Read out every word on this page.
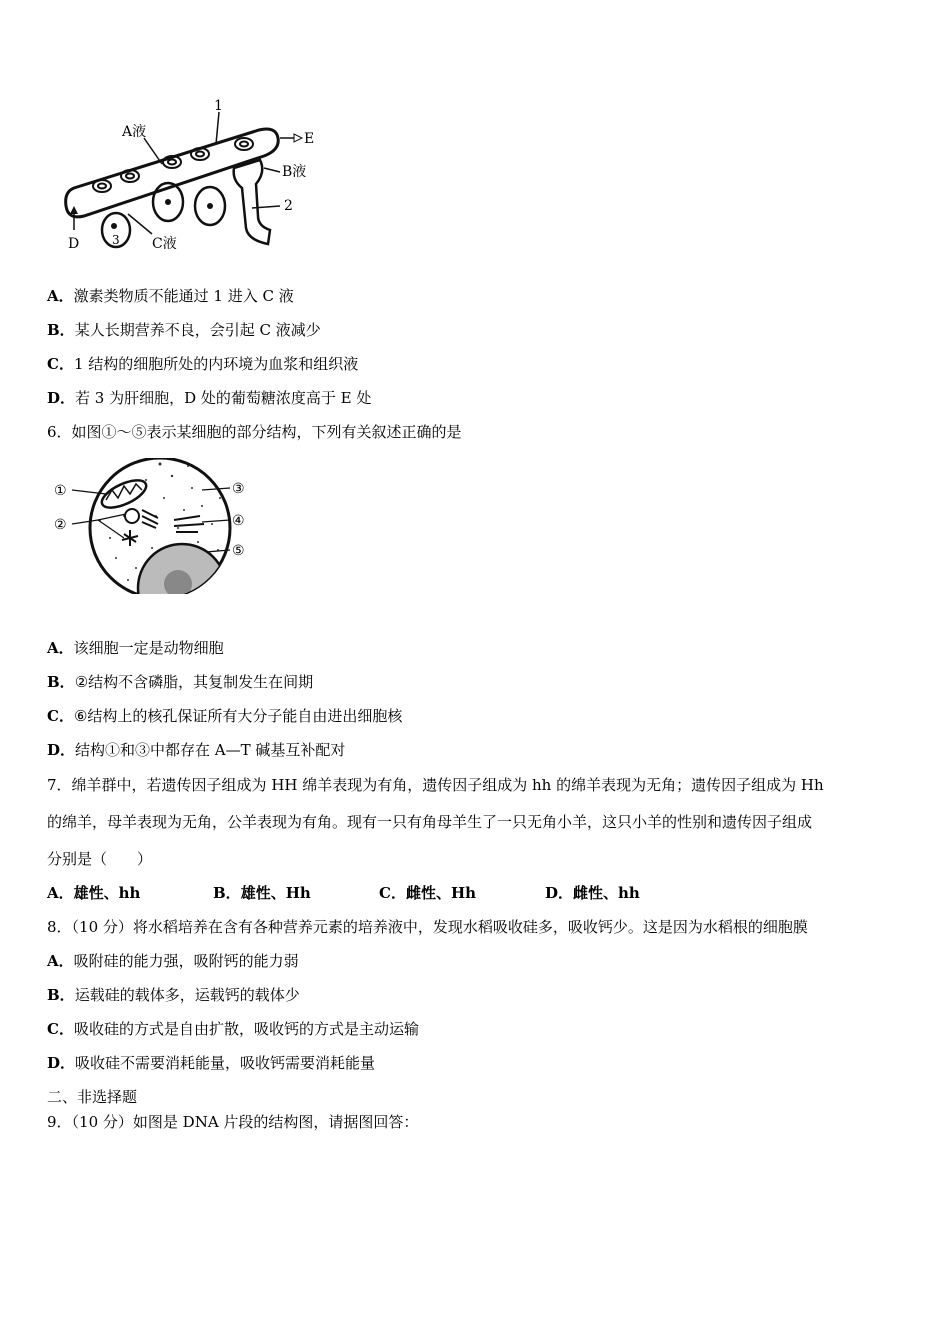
A液
1
E
B液
2
3 C液
D
A．激素类物质不能通过 1 进入 C 液
B．某人长期营养不良，会引起 C 液减少
C．1 结构的细胞所处的内环境为血浆和组织液
D．若 3 为肝细胞，D 处的葡萄糖浓度高于 E 处
6．如图①～⑤表示某细胞的部分结构，下列有关叙述正确的是
①
②
③
④
⑤
A．该细胞一定是动物细胞
B．②结构不含磷脂，其复制发生在间期
C．⑥结构上的核孔保证所有大分子能自由进出细胞核
D．结构①和③中都存在 A—T 碱基互补配对
7．绵羊群中，若遗传因子组成为 HH 绵羊表现为有角，遗传因子组成为 hh 的绵羊表现为无角；遗传因子组成为 Hh
的绵羊，母羊表现为无角，公羊表现为有角。现有一只有角母羊生了一只无角小羊，这只小羊的性别和遗传因子组成
分别是（　　）
A．雄性、hh	B．雄性、Hh	C．雌性、Hh	D．雌性、hh
8．（10 分）将水稻培养在含有各种营养元素的培养液中，发现水稻吸收硅多，吸收钙少。这是因为水稻根的细胞膜
A．吸附硅的能力强，吸附钙的能力弱
B．运载硅的载体多，运载钙的载体少
C．吸收硅的方式是自由扩散，吸收钙的方式是主动运输
D．吸收硅不需要消耗能量，吸收钙需要消耗能量
二、非选择题
9．（10 分）如图是 DNA 片段的结构图，请据图回答：
